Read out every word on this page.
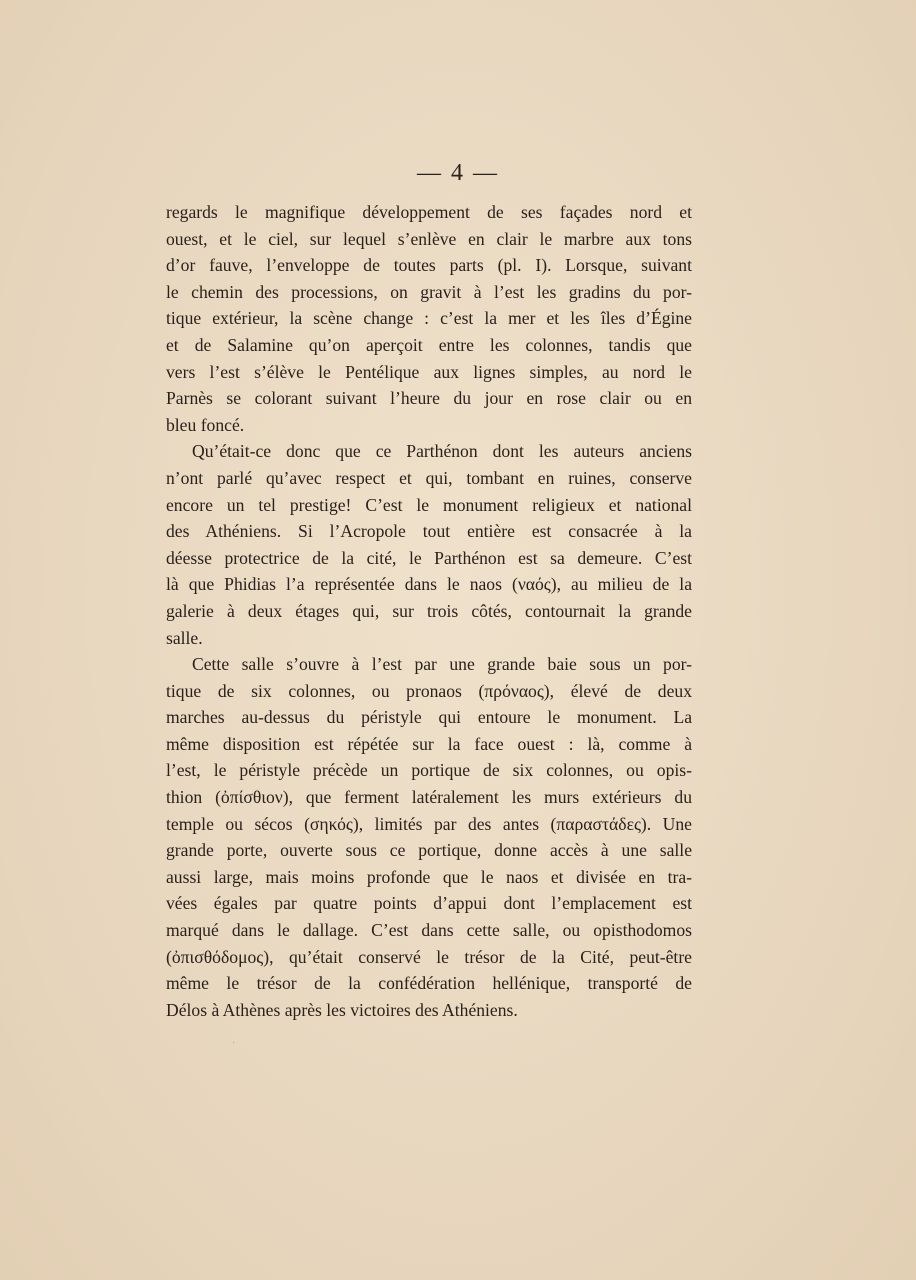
— 4 —
regards le magnifique développement de ses façades nord et
ouest, et le ciel, sur lequel s’enlève en clair le marbre aux tons
d’or fauve, l’enveloppe de toutes parts (pl. I). Lorsque, suivant
le chemin des processions, on gravit à l’est les gradins du por-
tique extérieur, la scène change : c’est la mer et les îles d’Égine
et de Salamine qu’on aperçoit entre les colonnes, tandis que
vers l’est s’élève le Pentélique aux lignes simples, au nord le
Parnès se colorant suivant l’heure du jour en rose clair ou en
bleu foncé.
Qu’était-ce donc que ce Parthénon dont les auteurs anciens
n’ont parlé qu’avec respect et qui, tombant en ruines, conserve
encore un tel prestige! C’est le monument religieux et national
des Athéniens. Si l’Acropole tout entière est consacrée à la
déesse protectrice de la cité, le Parthénon est sa demeure. C’est
là que Phidias l’a représentée dans le naos (ναός), au milieu de la
galerie à deux étages qui, sur trois côtés, contournait la grande
salle.
Cette salle s’ouvre à l’est par une grande baie sous un por-
tique de six colonnes, ou pronaos (πρόναος), élevé de deux
marches au-dessus du péristyle qui entoure le monument. La
même disposition est répétée sur la face ouest : là, comme à
l’est, le péristyle précède un portique de six colonnes, ou opis-
thion (ὀπίσθιον), que ferment latéralement les murs extérieurs du
temple ou sécos (σηκός), limités par des antes (παραστάδες). Une
grande porte, ouverte sous ce portique, donne accès à une salle
aussi large, mais moins profonde que le naos et divisée en tra-
vées égales par quatre points d’appui dont l’emplacement est
marqué dans le dallage. C’est dans cette salle, ou opisthodomos
(ὀπισθόδομος), qu’était conservé le trésor de la Cité, peut-être
même le trésor de la confédération hellénique, transporté de
Délos à Athènes après les victoires des Athéniens.
·
